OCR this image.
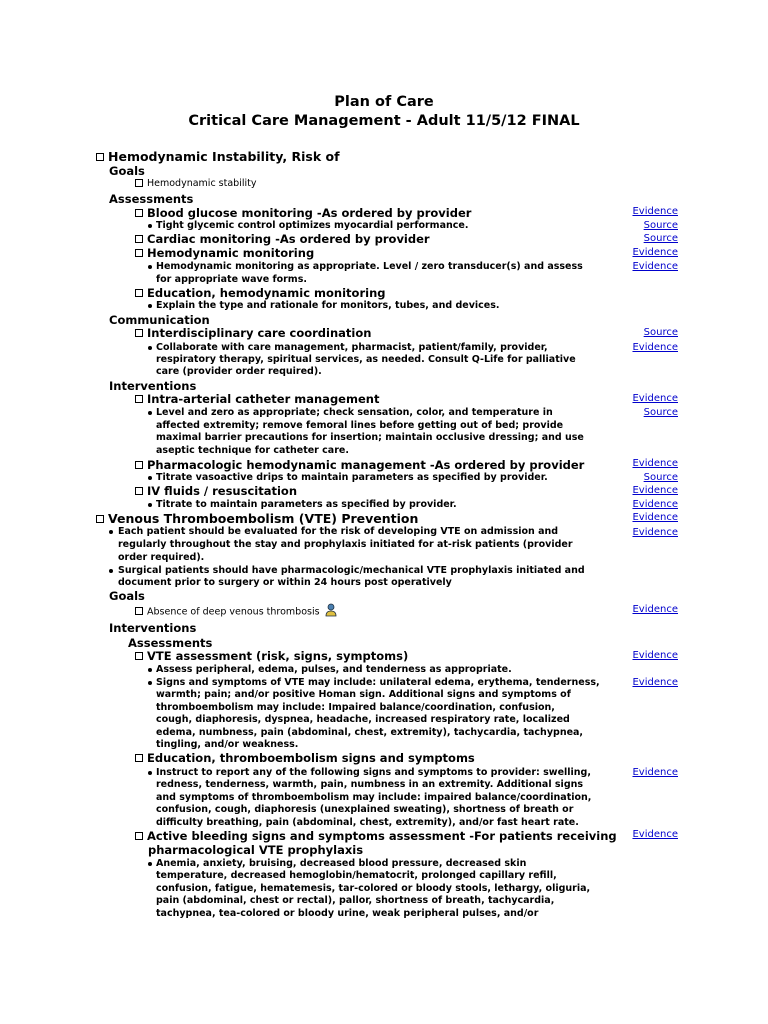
Plan of Care
Critical Care Management - Adult 11/5/12 FINAL
Hemodynamic Instability, Risk of
Goals
Hemodynamic stability
Assessments
Blood glucose monitoring -As ordered by provider
Tight glycemic control optimizes myocardial performance.
Cardiac monitoring -As ordered by provider
Hemodynamic monitoring
Hemodynamic monitoring as appropriate. Level / zero transducer(s) and assess
for appropriate wave forms.
Education, hemodynamic monitoring
Explain the type and rationale for monitors, tubes, and devices.
Communication
Interdisciplinary care coordination
Collaborate with care management, pharmacist, patient/family, provider,
respiratory therapy, spiritual services, as needed. Consult Q-Life for palliative
care (provider order required).
Interventions
Intra-arterial catheter management
Level and zero as appropriate; check sensation, color, and temperature in
affected extremity; remove femoral lines before getting out of bed; provide
maximal barrier precautions for insertion; maintain occlusive dressing; and use
aseptic technique for catheter care.
Pharmacologic hemodynamic management -As ordered by provider
Titrate vasoactive drips to maintain parameters as specified by provider.
IV fluids / resuscitation
Titrate to maintain parameters as specified by provider.
Venous Thromboembolism (VTE) Prevention
Each patient should be evaluated for the risk of developing VTE on admission and
regularly throughout the stay and prophylaxis initiated for at-risk patients (provider
order required).
Surgical patients should have pharmacologic/mechanical VTE prophylaxis initiated and
document prior to surgery or within 24 hours post operatively
Goals
Absence of deep venous thrombosis
Interventions
Assessments
VTE assessment (risk, signs, symptoms)
Assess peripheral, edema, pulses, and tenderness as appropriate.
Signs and symptoms of VTE may include: unilateral edema, erythema, tenderness,
warmth; pain; and/or positive Homan sign. Additional signs and symptoms of
thromboembolism may include: Impaired balance/coordination, confusion,
cough, diaphoresis, dyspnea, headache, increased respiratory rate, localized
edema, numbness, pain (abdominal, chest, extremity), tachycardia, tachypnea,
tingling, and/or weakness.
Education, thromboembolism signs and symptoms
Instruct to report any of the following signs and symptoms to provider: swelling,
redness, tenderness, warmth, pain, numbness in an extremity. Additional signs
and symptoms of thromboembolism may include: impaired balance/coordination,
confusion, cough, diaphoresis (unexplained sweating), shortness of breath or
difficulty breathing, pain (abdominal, chest, extremity), and/or fast heart rate.
Active bleeding signs and symptoms assessment -For patients receiving
pharmacological VTE prophylaxis
Anemia, anxiety, bruising, decreased blood pressure, decreased skin
temperature, decreased hemoglobin/hematocrit, prolonged capillary refill,
confusion, fatigue, hematemesis, tar-colored or bloody stools, lethargy, oliguria,
pain (abdominal, chest or rectal), pallor, shortness of breath, tachycardia,
tachypnea, tea-colored or bloody urine, weak peripheral pulses, and/or
Evidence
Source
Source
Evidence
Evidence
Source
Evidence
Evidence
Source
Evidence
Source
Evidence
Evidence
Evidence
Evidence
Evidence
Evidence
Evidence
Evidence
Evidence
